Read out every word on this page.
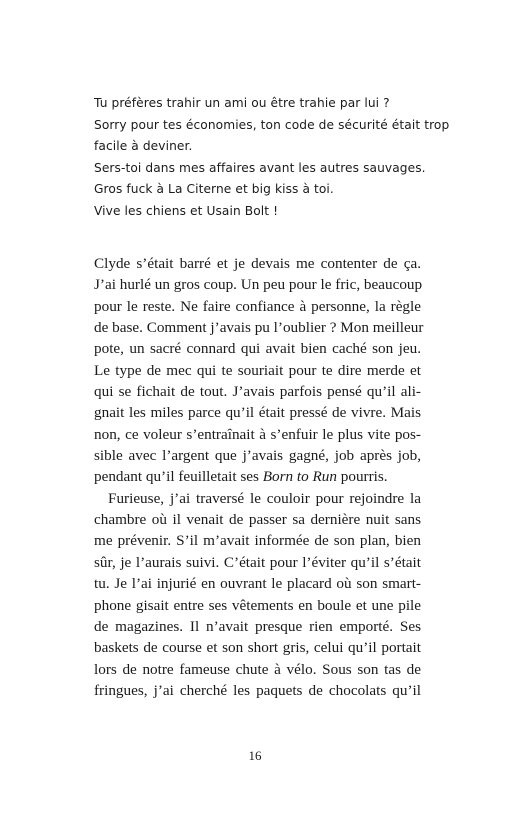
Tu préfères trahir un ami ou être trahie par lui ?
Sorry pour tes économies, ton code de sécurité était trop
facile à deviner.
Sers-toi dans mes affaires avant les autres sauvages.
Gros fuck à La Citerne et big kiss à toi.
Vive les chiens et Usain Bolt !
Clyde s’était barré et je devais me contenter de ça.
J’ai hurlé un gros coup. Un peu pour le fric, beaucoup
pour le reste. Ne faire confiance à personne, la règle
de base. Comment j’avais pu l’oublier ? Mon meilleur
pote, un sacré connard qui avait bien caché son jeu.
Le type de mec qui te souriait pour te dire merde et
qui se fichait de tout. J’avais parfois pensé qu’il ali-
gnait les miles parce qu’il était pressé de vivre. Mais
non, ce voleur s’entraînait à s’enfuir le plus vite pos-
sible avec l’argent que j’avais gagné, job après job,
pendant qu’il feuilletait ses Born to Run pourris.
Furieuse, j’ai traversé le couloir pour rejoindre la
chambre où il venait de passer sa dernière nuit sans
me prévenir. S’il m’avait informée de son plan, bien
sûr, je l’aurais suivi. C’était pour l’éviter qu’il s’était
tu. Je l’ai injurié en ouvrant le placard où son smart-
phone gisait entre ses vêtements en boule et une pile
de magazines. Il n’avait presque rien emporté. Ses
baskets de course et son short gris, celui qu’il portait
lors de notre fameuse chute à vélo. Sous son tas de
fringues, j’ai cherché les paquets de chocolats qu’il
16
